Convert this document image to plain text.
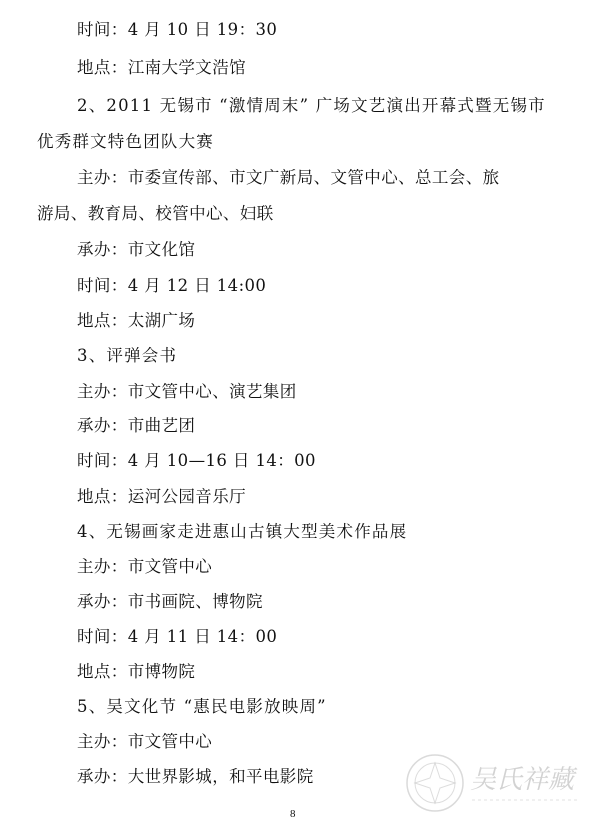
时间：4 月 10 日 19：30
地点：江南大学文浩馆
2、2011 无锡市 “激情周末” 广场文艺演出开幕式暨无锡市
优秀群文特色团队大赛
主办：市委宣传部、市文广新局、文管中心、总工会、旅
游局、教育局、校管中心、妇联
承办：市文化馆
时间：4 月 12 日 14:00
地点：太湖广场
3、评弹会书
主办：市文管中心、演艺集团
承办：市曲艺团
时间：4 月 10—16 日 14：00
地点：运河公园音乐厅
4、无锡画家走进惠山古镇大型美术作品展
主办：市文管中心
承办：市书画院、博物院
时间：4 月 11 日 14：00
地点：市博物院
5、吴文化节 “惠民电影放映周”
主办：市文管中心
承办：大世界影城，和平电影院	吴氏祥藏
8
